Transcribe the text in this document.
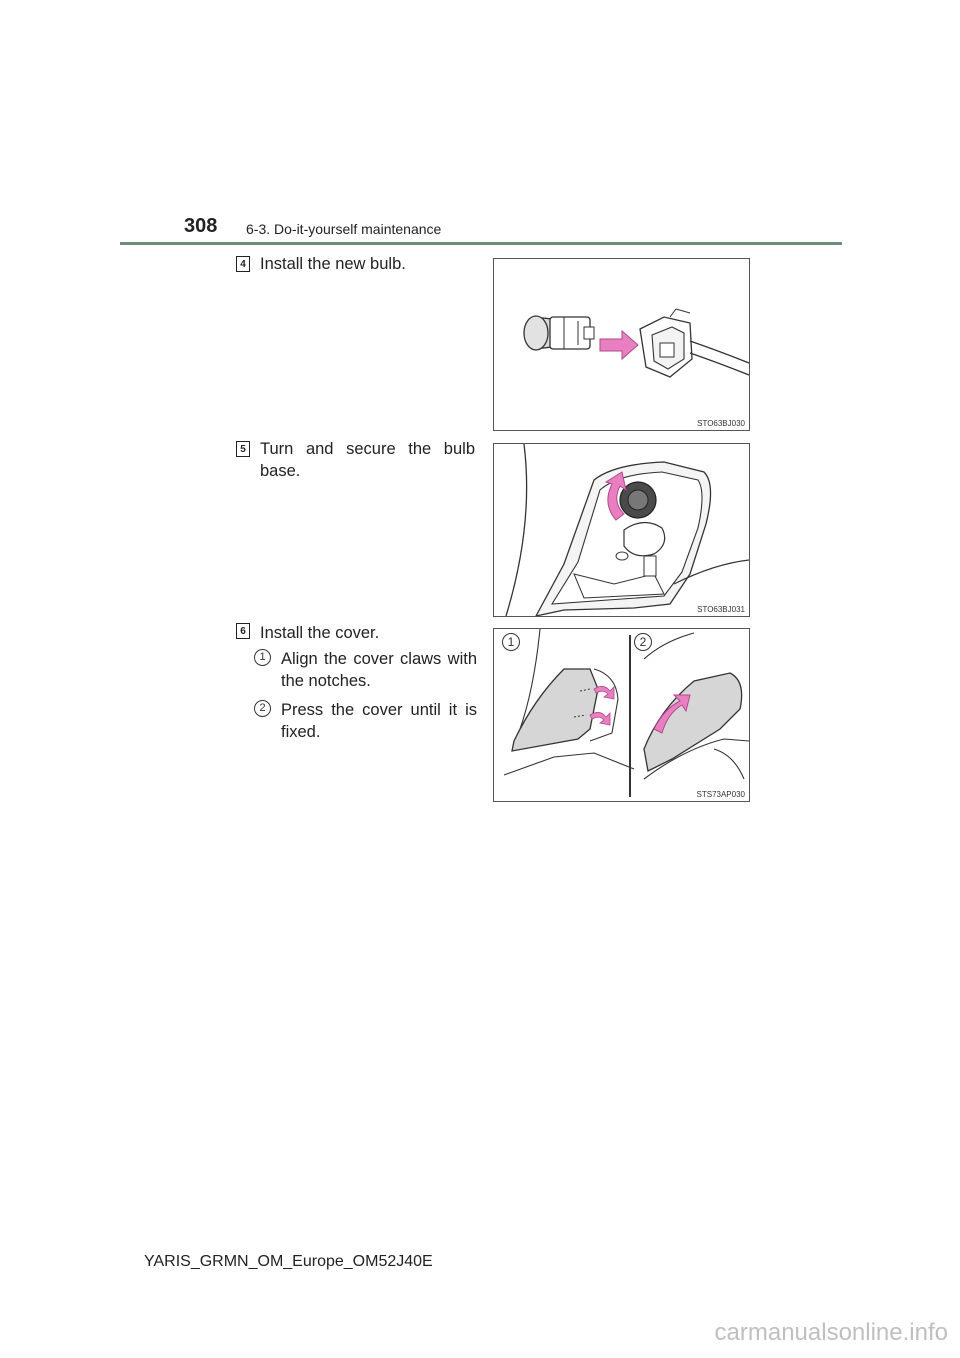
308 6-3. Do-it-yourself maintenance
4 Install the new bulb.
STO63BJ030
5 Turn and secure the bulb base.
STO63BJ031
6 Install the cover.
1 Align the cover claws with the notches.
2 Press the cover until it is fixed.
1	2
STS73AP030
YARIS_GRMN_OM_Europe_OM52J40E
carmanualsonline.info
